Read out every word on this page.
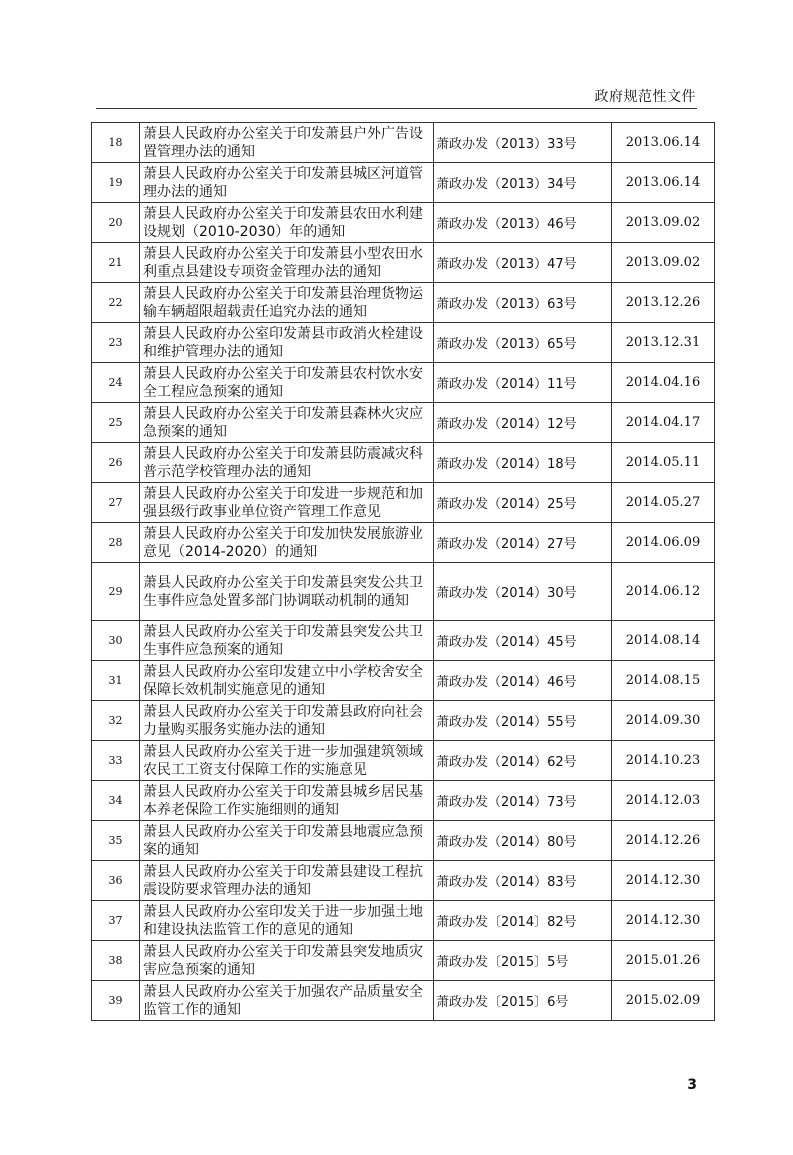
政府规范性文件
18	萧县人民政府办公室关于印发萧县户外广告设置管理办法的通知	萧政办发（2013）33号	2013.06.14
19	萧县人民政府办公室关于印发萧县城区河道管理办法的通知	萧政办发（2013）34号	2013.06.14
20	萧县人民政府办公室关于印发萧县农田水利建设规划（2010-2030）年的通知	萧政办发（2013）46号	2013.09.02
21	萧县人民政府办公室关于印发萧县小型农田水利重点县建设专项资金管理办法的通知	萧政办发（2013）47号	2013.09.02
22	萧县人民政府办公室关于印发萧县治理货物运输车辆超限超载责任追究办法的通知	萧政办发（2013）63号	2013.12.26
23	萧县人民政府办公室印发萧县市政消火栓建设和维护管理办法的通知	萧政办发（2013）65号	2013.12.31
24	萧县人民政府办公室关于印发萧县农村饮水安全工程应急预案的通知	萧政办发（2014）11号	2014.04.16
25	萧县人民政府办公室关于印发萧县森林火灾应急预案的通知	萧政办发（2014）12号	2014.04.17
26	萧县人民政府办公室关于印发萧县防震减灾科普示范学校管理办法的通知	萧政办发（2014）18号	2014.05.11
27	萧县人民政府办公室关于印发进一步规范和加强县级行政事业单位资产管理工作意见	萧政办发（2014）25号	2014.05.27
28	萧县人民政府办公室关于印发加快发展旅游业意见（2014-2020）的通知	萧政办发（2014）27号	2014.06.09
29	萧县人民政府办公室关于印发萧县突发公共卫生事件应急处置多部门协调联动机制的通知	萧政办发（2014）30号	2014.06.12
30	萧县人民政府办公室关于印发萧县突发公共卫生事件应急预案的通知	萧政办发（2014）45号	2014.08.14
31	萧县人民政府办公室印发建立中小学校舍安全保障长效机制实施意见的通知	萧政办发（2014）46号	2014.08.15
32	萧县人民政府办公室关于印发萧县政府向社会力量购买服务实施办法的通知	萧政办发（2014）55号	2014.09.30
33	萧县人民政府办公室关于进一步加强建筑领域农民工工资支付保障工作的实施意见	萧政办发（2014）62号	2014.10.23
34	萧县人民政府办公室关于印发萧县城乡居民基本养老保险工作实施细则的通知	萧政办发（2014）73号	2014.12.03
35	萧县人民政府办公室关于印发萧县地震应急预案的通知	萧政办发（2014）80号	2014.12.26
36	萧县人民政府办公室关于印发萧县建设工程抗震设防要求管理办法的通知	萧政办发（2014）83号	2014.12.30
37	萧县人民政府办公室印发关于进一步加强土地和建设执法监管工作的意见的通知	萧政办发〔2014〕82号	2014.12.30
38	萧县人民政府办公室关于印发萧县突发地质灾害应急预案的通知	萧政办发〔2015〕5号	2015.01.26
39	萧县人民政府办公室关于加强农产品质量安全监管工作的通知	萧政办发〔2015〕6号	2015.02.09
3
